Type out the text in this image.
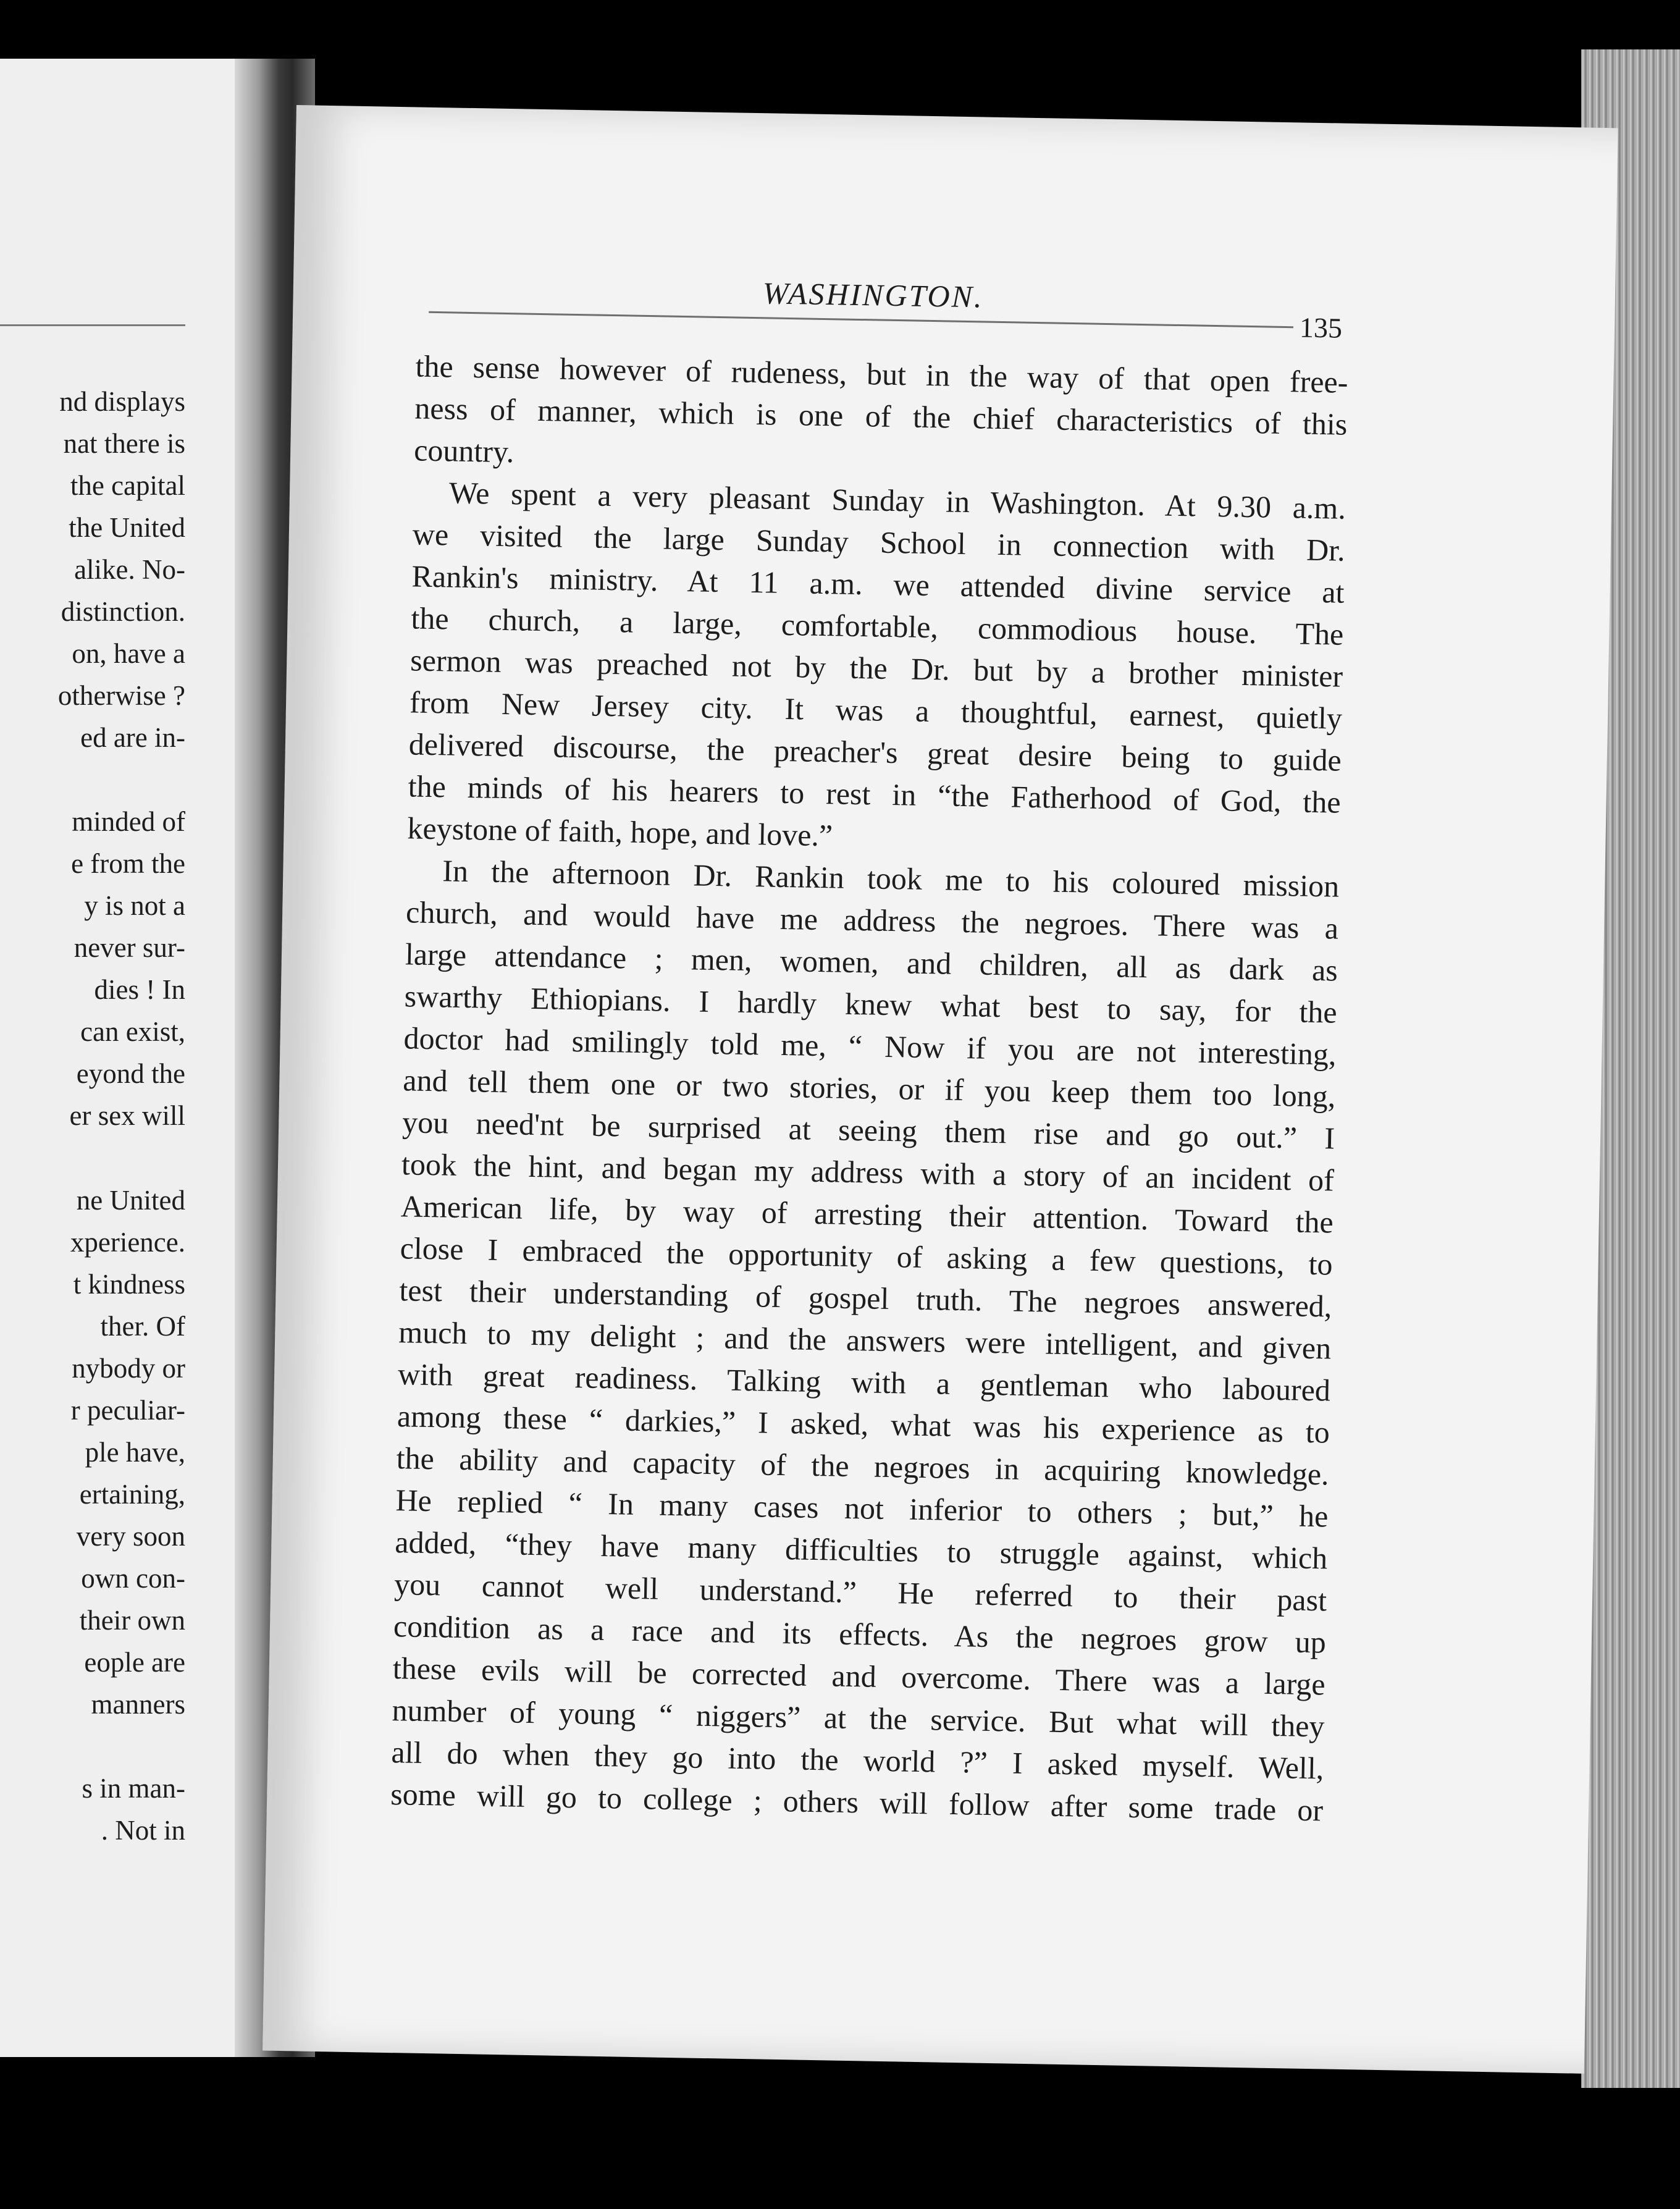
nd displays
nat there is
the capital
the United
alike. No-
distinction.
on, have a
otherwise ?
ed are in-
minded of
e from the
y is not a
never sur-
dies ! In
can exist,
eyond the
er sex will
ne United
xperience.
t kindness
ther. Of
nybody or
r peculiar-
ple have,
ertaining,
very soon
own con-
their own
eople are
manners
s in man-
. Not in
WASHINGTON.
135
the sense however of rudeness, but in the way of that open free-
ness of manner, which is one of the chief characteristics of this
country.
We spent a very pleasant Sunday in Washington. At 9.30 a.m.
we visited the large Sunday School in connection with Dr.
Rankin's ministry. At 11 a.m. we attended divine service at
the church, a large, comfortable, commodious house. The
sermon was preached not by the Dr. but by a brother minister
from New Jersey city. It was a thoughtful, earnest, quietly
delivered discourse, the preacher's great desire being to guide
the minds of his hearers to rest in “the Fatherhood of God, the
keystone of faith, hope, and love.”
In the afternoon Dr. Rankin took me to his coloured mission
church, and would have me address the negroes. There was a
large attendance ; men, women, and children, all as dark as
swarthy Ethiopians. I hardly knew what best to say, for the
doctor had smilingly told me, “ Now if you are not interesting,
and tell them one or two stories, or if you keep them too long,
you need'nt be surprised at seeing them rise and go out.” I
took the hint, and began my address with a story of an incident of
American life, by way of arresting their attention. Toward the
close I embraced the opportunity of asking a few questions, to
test their understanding of gospel truth. The negroes answered,
much to my delight ; and the answers were intelligent, and given
with great readiness. Talking with a gentleman who laboured
among these “ darkies,” I asked, what was his experience as to
the ability and capacity of the negroes in acquiring knowledge.
He replied “ In many cases not inferior to others ; but,” he
added, “they have many difficulties to struggle against, which
you cannot well understand.” He referred to their past
condition as a race and its effects. As the negroes grow up
these evils will be corrected and overcome. There was a large
number of young “ niggers” at the service. But what will they
all do when they go into the world ?” I asked myself. Well,
some will go to college ; others will follow after some trade or
